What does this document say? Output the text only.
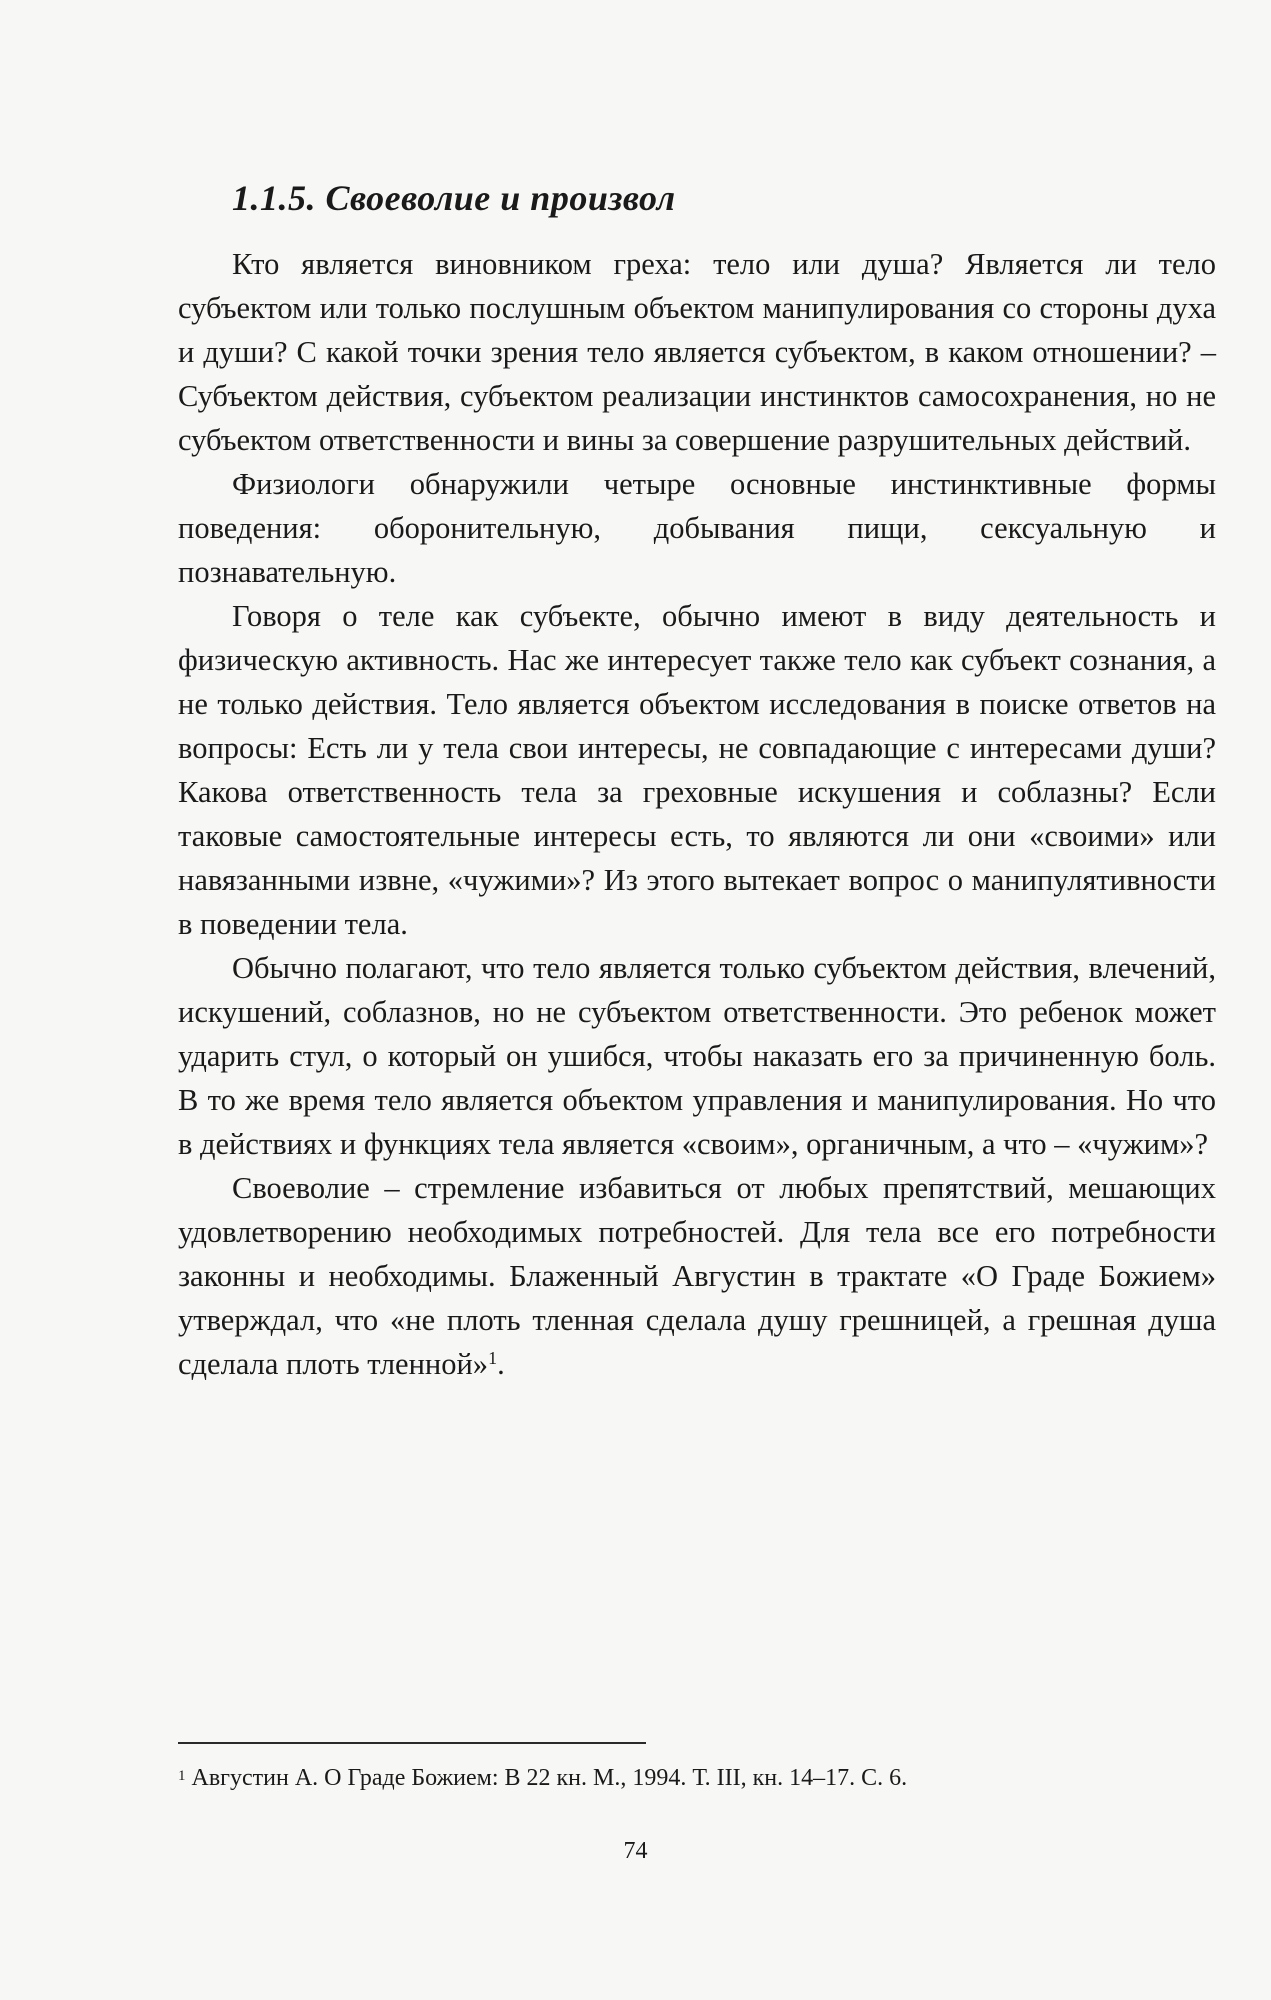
1.1.5. Своеволие и произвол

Кто является виновником греха: тело или душа? Является ли тело субъектом или только послушным объектом манипулирования со стороны духа и души? С какой точки зрения тело является субъектом, в каком отношении? – Субъектом действия, субъектом реализации инстинктов самосохранения, но не субъектом ответственности и вины за совершение разрушительных действий.

Физиологи обнаружили четыре основные инстинктивные формы поведения: оборонительную, добывания пищи, сексуальную и познавательную.

Говоря о теле как субъекте, обычно имеют в виду деятельность и физическую активность. Нас же интересует также тело как субъект сознания, а не только действия. Тело является объектом исследования в поиске ответов на вопросы: Есть ли у тела свои интересы, не совпадающие с интересами души? Какова ответственность тела за греховные искушения и соблазны? Если таковые самостоятельные интересы есть, то являются ли они «своими» или навязанными извне, «чужими»? Из этого вытекает вопрос о манипулятивности в поведении тела.

Обычно полагают, что тело является только субъектом действия, влечений, искушений, соблазнов, но не субъектом ответственности. Это ребенок может ударить стул, о который он ушибся, чтобы наказать его за причиненную боль. В то же время тело является объектом управления и манипулирования. Но что в действиях и функциях тела является «своим», органичным, а что – «чужим»?

Своеволие – стремление избавиться от любых препятствий, мешающих удовлетворению необходимых потребностей. Для тела все его потребности законны и необходимы. Блаженный Августин в трактате «О Граде Божием» утверждал, что «не плоть тленная сделала душу грешницей, а грешная душа сделала плоть тленной»$^1$.

$^1$ Августин А. О Граде Божием: В 22 кн. М., 1994. Т. III, кн. 14–17. С. 6.
74
